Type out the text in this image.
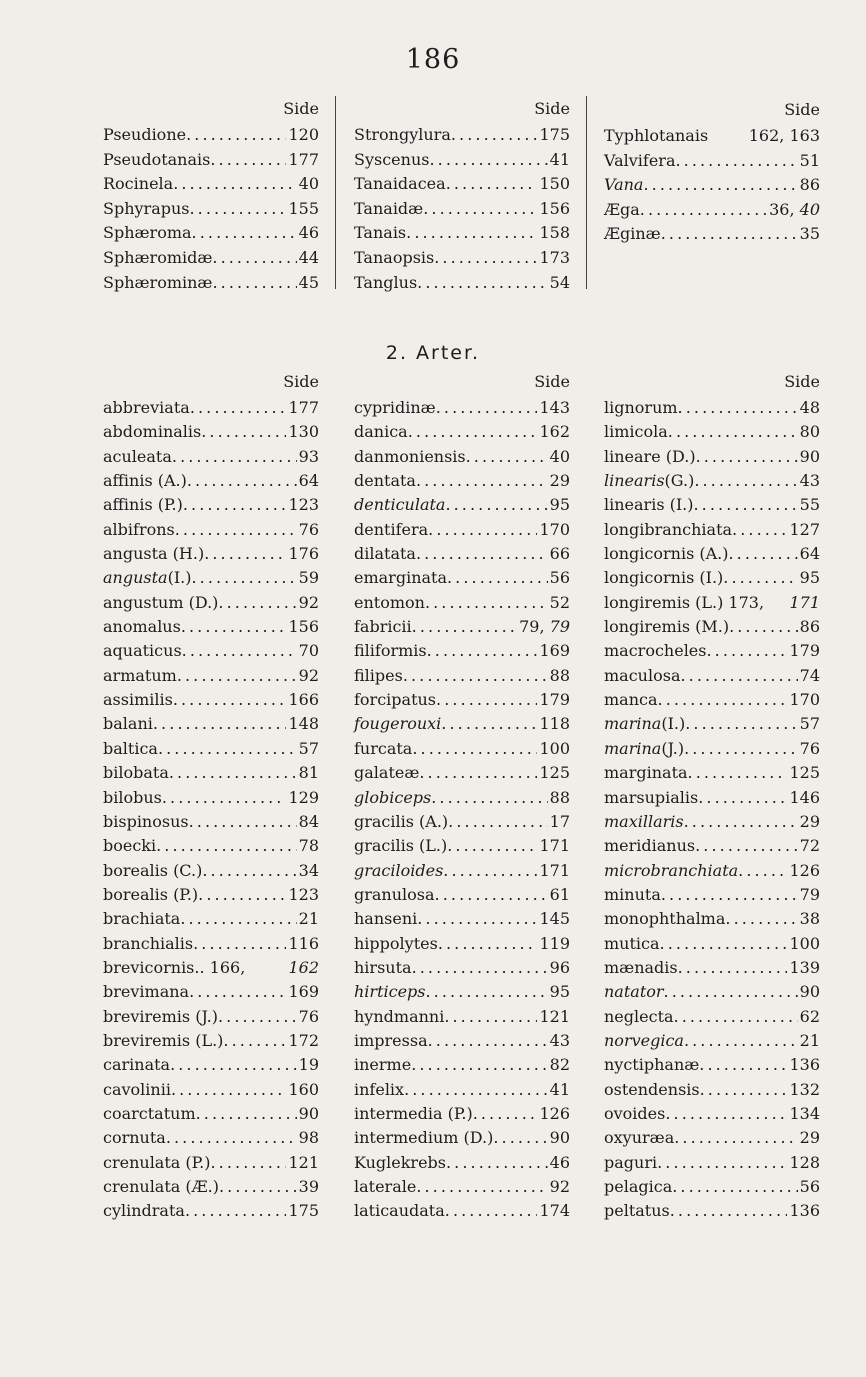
186
Side
Pseudione . . .	120
Pseudotanais . . .	177
Rocinela . . .	40
Sphyrapus . . .	155
Sphæroma . . .	46
Sphæromidæ . . .	44
Sphærominæ . . .	45
Side
Strongylura . . .	175
Syscenus . . .	41
Tanaidacea . . .	150
Tanaidæ . . .	156
Tanais . . .	158
Tanaopsis . . .	173
Tanglus . . .	54
Side
Typhlotanais	162, 163
Valvifera . . .	51
Vana . . .	86
Ægа . . .	36, 40
Æginæ . . .	35
2. Arter.
Side
abbreviata . . .	177
abdominalis . . .	130
aculeata . . .	93
affinis (A.) . . .	64
affinis (P.) . . .	123
albifrons . . .	76
angusta (H.) . . .	176
angusta (I.) . . .	59
angustum (D.) . . .	92
anomalus . . .	156
aquaticus . . .	70
armatum . . .	92
assimilis . . .	166
balani . . .	148
baltica . . .	57
bilobata . . .	81
bilobus . . .	129
bispinosus . . .	84
boecki . . .	78
borealis (C.) . . .	34
borealis (P.) . . .	123
brachiata . . .	21
branchialis . . .	116
brevicornis.. 166,	162
brevimana . . .	169
breviremis (J.) . . .	76
breviremis (L.) . . .	172
carinata . . .	19
cavolinii . . .	160
coarctatum . . .	90
cornuta . . .	98
crenulata (P.) . . .	121
crenulata (Æ.) . . .	39
cylindrata . . .	175
Side
cypridinæ . . .	143
danica . . .	162
danmoniensis . . .	40
dentata . . .	29
denticulata . . .	95
dentifera . . .	170
dilatata . . .	66
emarginata . . .	56
entomon . . .	52
fabricii . . .	79, 79
filiformis . . .	169
filipes . . .	88
forcipatus . . .	179
fougerouxi . . .	118
furcata . . .	100
galateæ . . .	125
globiceps . . .	88
gracilis (A.) . . .	17
gracilis (L.) . . .	171
graciloides . . .	171
granulosa . . .	61
hanseni . . .	145
hippolytes . . .	119
hirsuta . . .	96
hirticeps . . .	95
hyndmanni . . .	121
impressa . . .	43
inerme . . .	82
infelix . . .	41
intermedia (P.) . . .	126
intermedium (D.) . . .	90
Kuglekrebs . . .	46
laterale . . .	92
laticaudata . . .	174
Side
lignorum . . .	48
limicola . . .	80
lineare (D.) . . .	90
linearis (G.) . . .	43
linearis (I.) . . .	55
longibranchiata . . .	127
longicornis (A.) . . .	64
longicornis (I.) . . .	95
longiremis (L.) 173, 171
longiremis (M.) . . .	86
macrocheles . . .	179
maculosa . . .	74
manca . . .	170
marina (I.) . . .	57
marina (J.) . . .	76
marginata . . .	125
marsupialis . . .	146
maxillaris . . .	29
meridianus . . .	72
microbranchiata . . .	126
minuta . . .	79
monophthalma . . .	38
mutica . . .	100
mænadis . . .	139
natator . . .	90
neglecta . . .	62
norvegica . . .	21
nyctiphanæ . . .	136
ostendensis . . .	132
ovoides . . .	134
oxyuræa . . .	29
paguri . . .	128
pelagica . . .	56
peltatus . . .	136
